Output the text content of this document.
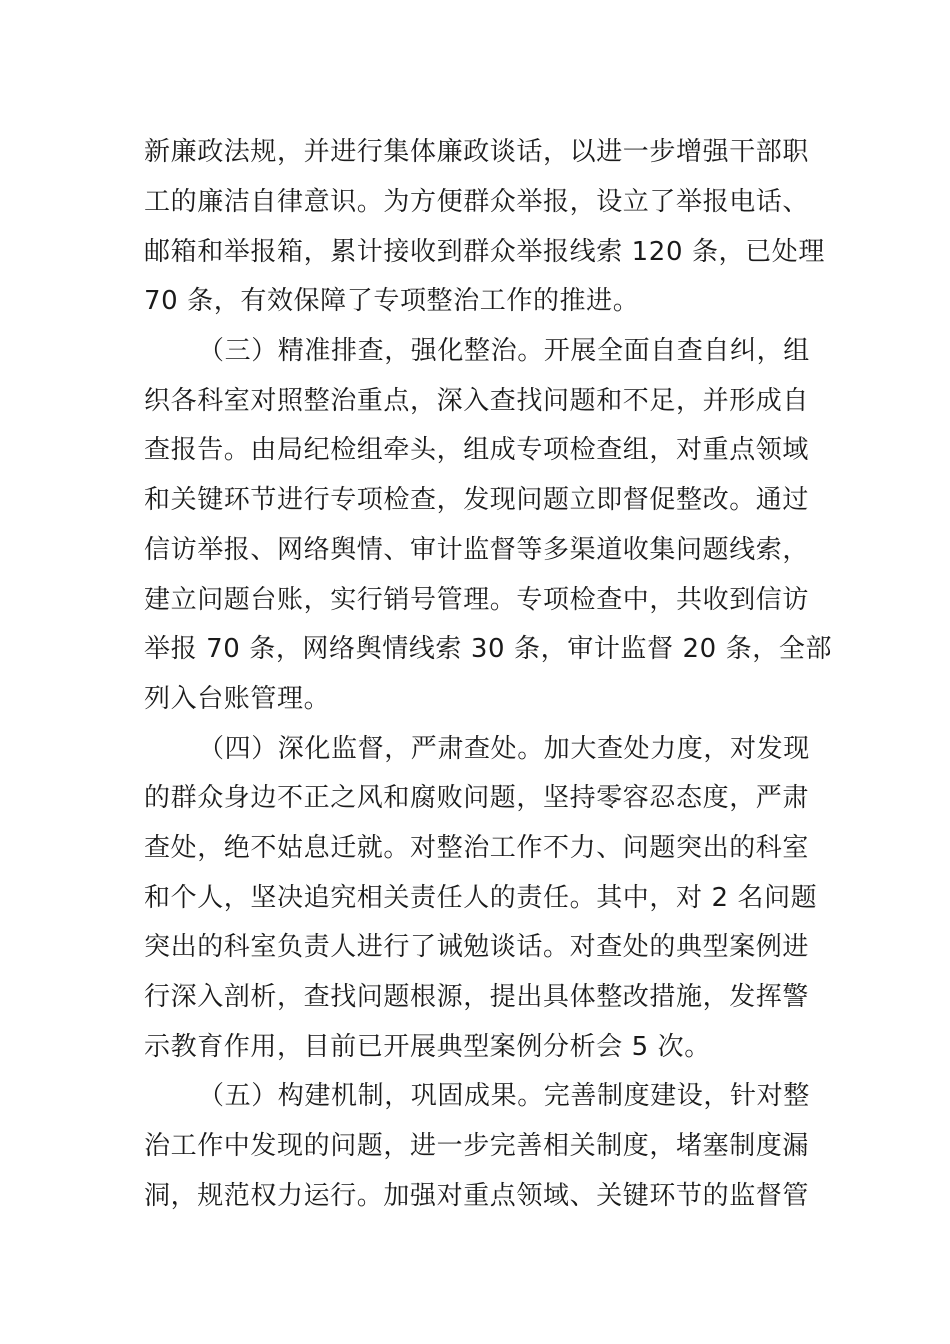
新廉政法规，并进行集体廉政谈话，以进一步增强干部职
工的廉洁自律意识。为方便群众举报，设立了举报电话、
邮箱和举报箱，累计接收到群众举报线索 120 条，已处理
70 条，有效保障了专项整治工作的推进。
（三）精准排查，强化整治。开展全面自查自纠，组
织各科室对照整治重点，深入查找问题和不足，并形成自
查报告。由局纪检组牵头，组成专项检查组，对重点领域
和关键环节进行专项检查，发现问题立即督促整改。通过
信访举报、网络舆情、审计监督等多渠道收集问题线索，
建立问题台账，实行销号管理。专项检查中，共收到信访
举报 70 条，网络舆情线索 30 条，审计监督 20 条，全部
列入台账管理。
（四）深化监督，严肃查处。加大查处力度，对发现
的群众身边不正之风和腐败问题，坚持零容忍态度，严肃
查处，绝不姑息迁就。对整治工作不力、问题突出的科室
和个人，坚决追究相关责任人的责任。其中，对 2 名问题
突出的科室负责人进行了诫勉谈话。对查处的典型案例进
行深入剖析，查找问题根源，提出具体整改措施，发挥警
示教育作用，目前已开展典型案例分析会 5 次。
（五）构建机制，巩固成果。完善制度建设，针对整
治工作中发现的问题，进一步完善相关制度，堵塞制度漏
洞，规范权力运行。加强对重点领域、关键环节的监督管
